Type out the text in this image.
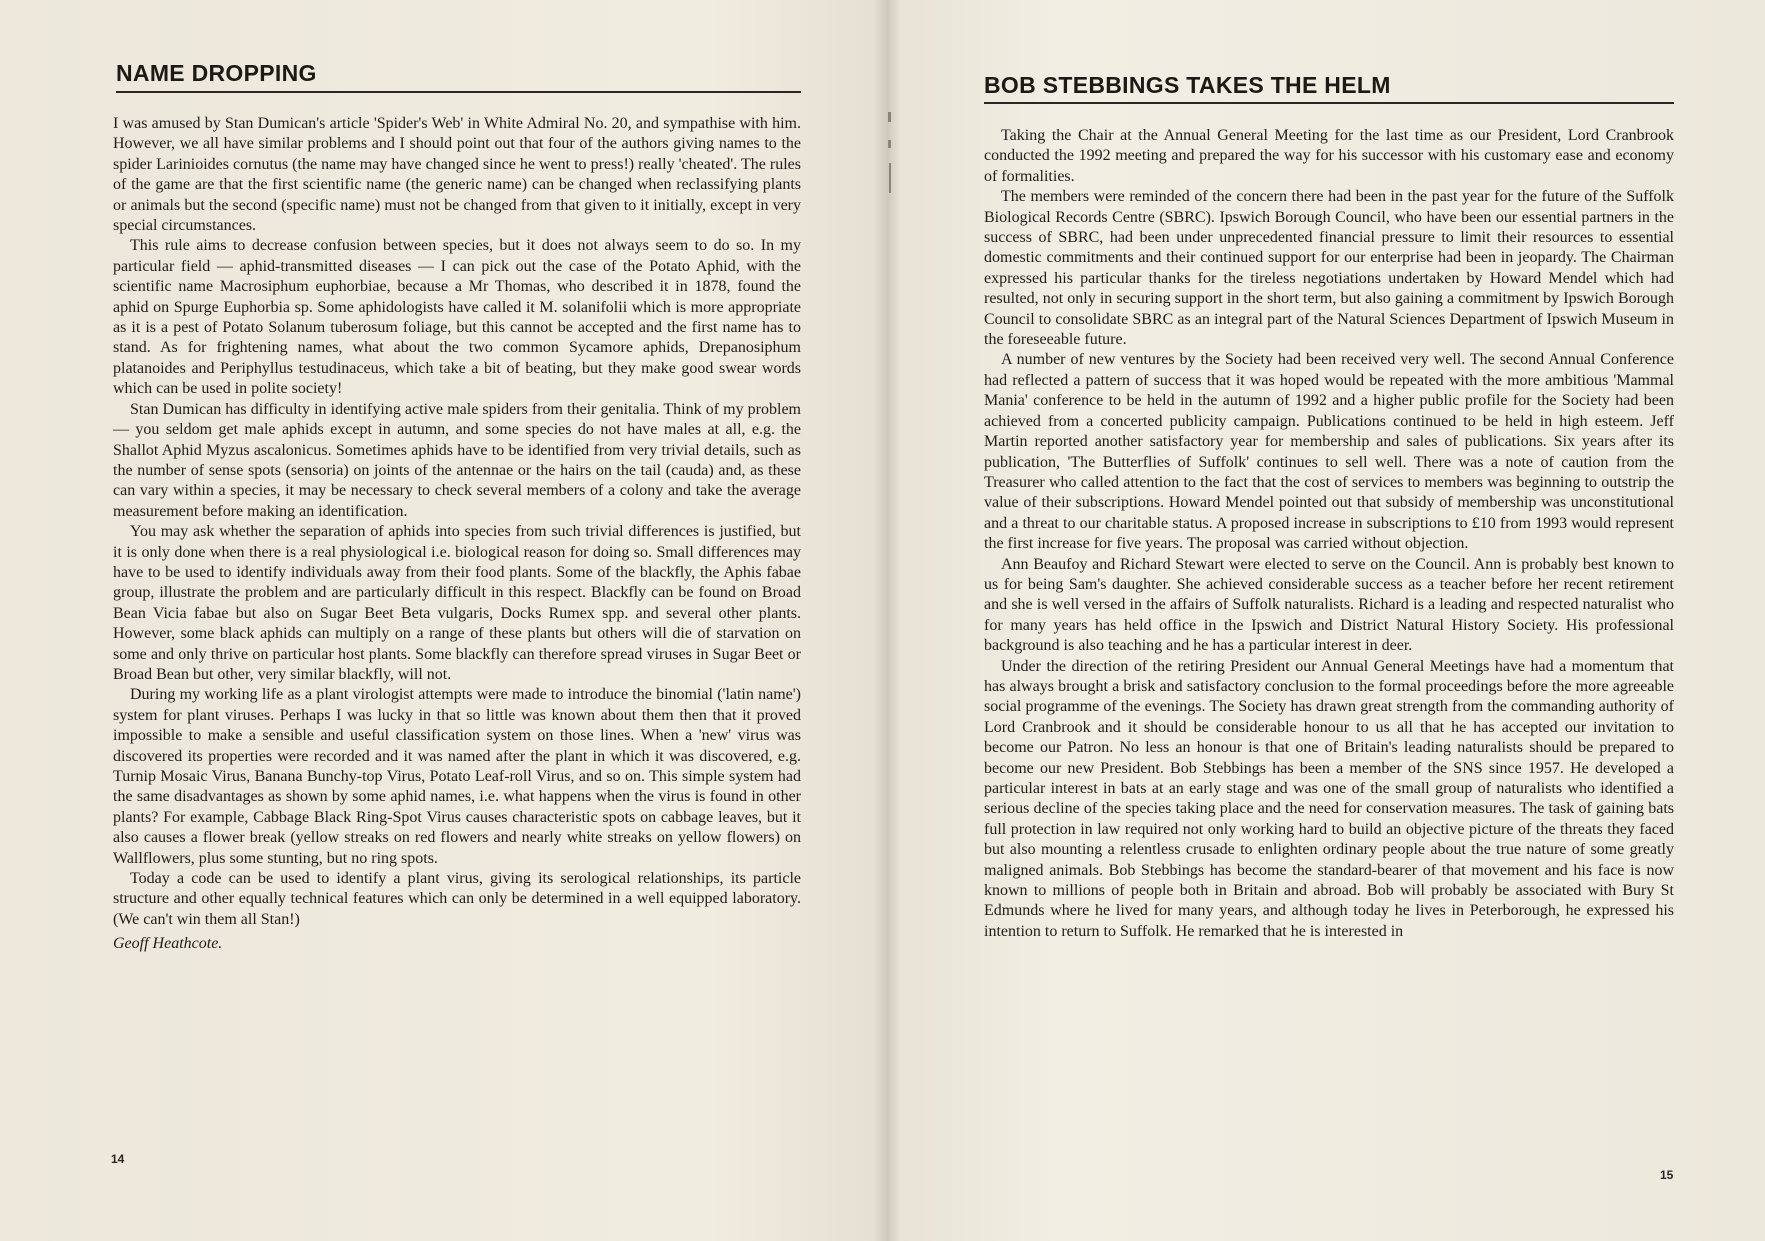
NAME DROPPING

I was amused by Stan Dumican's article 'Spider's Web' in White Admiral No. 20, and sympathise with him. However, we all have similar problems and I should point out that four of the authors giving names to the spider Larinioides cornutus (the name may have changed since he went to press!) really 'cheated'. The rules of the game are that the first scientific name (the generic name) can be changed when reclassifying plants or animals but the second (specific name) must not be changed from that given to it initially, except in very special circumstances.

This rule aims to decrease confusion between species, but it does not always seem to do so. In my particular field — aphid-transmitted diseases — I can pick out the case of the Potato Aphid, with the scientific name Macrosiphum euphorbiae, because a Mr Thomas, who described it in 1878, found the aphid on Spurge Euphorbia sp. Some aphidologists have called it M. solanifolii which is more appropriate as it is a pest of Potato Solanum tuberosum foliage, but this cannot be accepted and the first name has to stand. As for frightening names, what about the two common Sycamore aphids, Drepanosiphum platanoides and Periphyllus testudinaceus, which take a bit of beating, but they make good swear words which can be used in polite society!

Stan Dumican has difficulty in identifying active male spiders from their genitalia. Think of my problem — you seldom get male aphids except in autumn, and some species do not have males at all, e.g. the Shallot Aphid Myzus ascalonicus. Sometimes aphids have to be identified from very trivial details, such as the number of sense spots (sensoria) on joints of the antennae or the hairs on the tail (cauda) and, as these can vary within a species, it may be necessary to check several members of a colony and take the average measurement before making an identification.

You may ask whether the separation of aphids into species from such trivial differences is justified, but it is only done when there is a real physiological i.e. biological reason for doing so. Small differences may have to be used to identify individuals away from their food plants. Some of the blackfly, the Aphis fabae group, illustrate the problem and are particularly difficult in this respect. Blackfly can be found on Broad Bean Vicia fabae but also on Sugar Beet Beta vulgaris, Docks Rumex spp. and several other plants. However, some black aphids can multiply on a range of these plants but others will die of starvation on some and only thrive on particular host plants. Some blackfly can therefore spread viruses in Sugar Beet or Broad Bean but other, very similar blackfly, will not.

During my working life as a plant virologist attempts were made to introduce the binomial ('latin name') system for plant viruses. Perhaps I was lucky in that so little was known about them then that it proved impossible to make a sensible and useful classification system on those lines. When a 'new' virus was discovered its properties were recorded and it was named after the plant in which it was discovered, e.g. Turnip Mosaic Virus, Banana Bunchy-top Virus, Potato Leaf-roll Virus, and so on. This simple system had the same disadvantages as shown by some aphid names, i.e. what happens when the virus is found in other plants? For example, Cabbage Black Ring-Spot Virus causes characteristic spots on cabbage leaves, but it also causes a flower break (yellow streaks on red flowers and nearly white streaks on yellow flowers) on Wallflowers, plus some stunting, but no ring spots.

Today a code can be used to identify a plant virus, giving its serological relationships, its particle structure and other equally technical features which can only be determined in a well equipped laboratory. (We can't win them all Stan!)

Geoff Heathcote.

14
BOB STEBBINGS TAKES THE HELM

Taking the Chair at the Annual General Meeting for the last time as our President, Lord Cranbrook conducted the 1992 meeting and prepared the way for his successor with his customary ease and economy of formalities.

The members were reminded of the concern there had been in the past year for the future of the Suffolk Biological Records Centre (SBRC). Ipswich Borough Council, who have been our essential partners in the success of SBRC, had been under unprecedented financial pressure to limit their resources to essential domestic commitments and their continued support for our enterprise had been in jeopardy. The Chairman expressed his particular thanks for the tireless negotiations undertaken by Howard Mendel which had resulted, not only in securing support in the short term, but also gaining a commitment by Ipswich Borough Council to consolidate SBRC as an integral part of the Natural Sciences Department of Ipswich Museum in the foreseeable future.

A number of new ventures by the Society had been received very well. The second Annual Conference had reflected a pattern of success that it was hoped would be repeated with the more ambitious 'Mammal Mania' conference to be held in the autumn of 1992 and a higher public profile for the Society had been achieved from a concerted publicity campaign. Publications continued to be held in high esteem. Jeff Martin reported another satisfactory year for membership and sales of publications. Six years after its publication, 'The Butterflies of Suffolk' continues to sell well. There was a note of caution from the Treasurer who called attention to the fact that the cost of services to members was beginning to outstrip the value of their subscriptions. Howard Mendel pointed out that subsidy of membership was unconstitutional and a threat to our charitable status. A proposed increase in subscriptions to £10 from 1993 would represent the first increase for five years. The proposal was carried without objection.

Ann Beaufoy and Richard Stewart were elected to serve on the Council. Ann is probably best known to us for being Sam's daughter. She achieved considerable success as a teacher before her recent retirement and she is well versed in the affairs of Suffolk naturalists. Richard is a leading and respected naturalist who for many years has held office in the Ipswich and District Natural History Society. His professional background is also teaching and he has a particular interest in deer.

Under the direction of the retiring President our Annual General Meetings have had a momentum that has always brought a brisk and satisfactory conclusion to the formal proceedings before the more agreeable social programme of the evenings. The Society has drawn great strength from the commanding authority of Lord Cranbrook and it should be considerable honour to us all that he has accepted our invitation to become our Patron. No less an honour is that one of Britain's leading naturalists should be prepared to become our new President. Bob Stebbings has been a member of the SNS since 1957. He developed a particular interest in bats at an early stage and was one of the small group of naturalists who identified a serious decline of the species taking place and the need for conservation measures. The task of gaining bats full protection in law required not only working hard to build an objective picture of the threats they faced but also mounting a relentless crusade to enlighten ordinary people about the true nature of some greatly maligned animals. Bob Stebbings has become the standard-bearer of that movement and his face is now known to millions of people both in Britain and abroad. Bob will probably be associated with Bury St Edmunds where he lived for many years, and although today he lives in Peterborough, he expressed his intention to return to Suffolk. He remarked that he is interested in

15
